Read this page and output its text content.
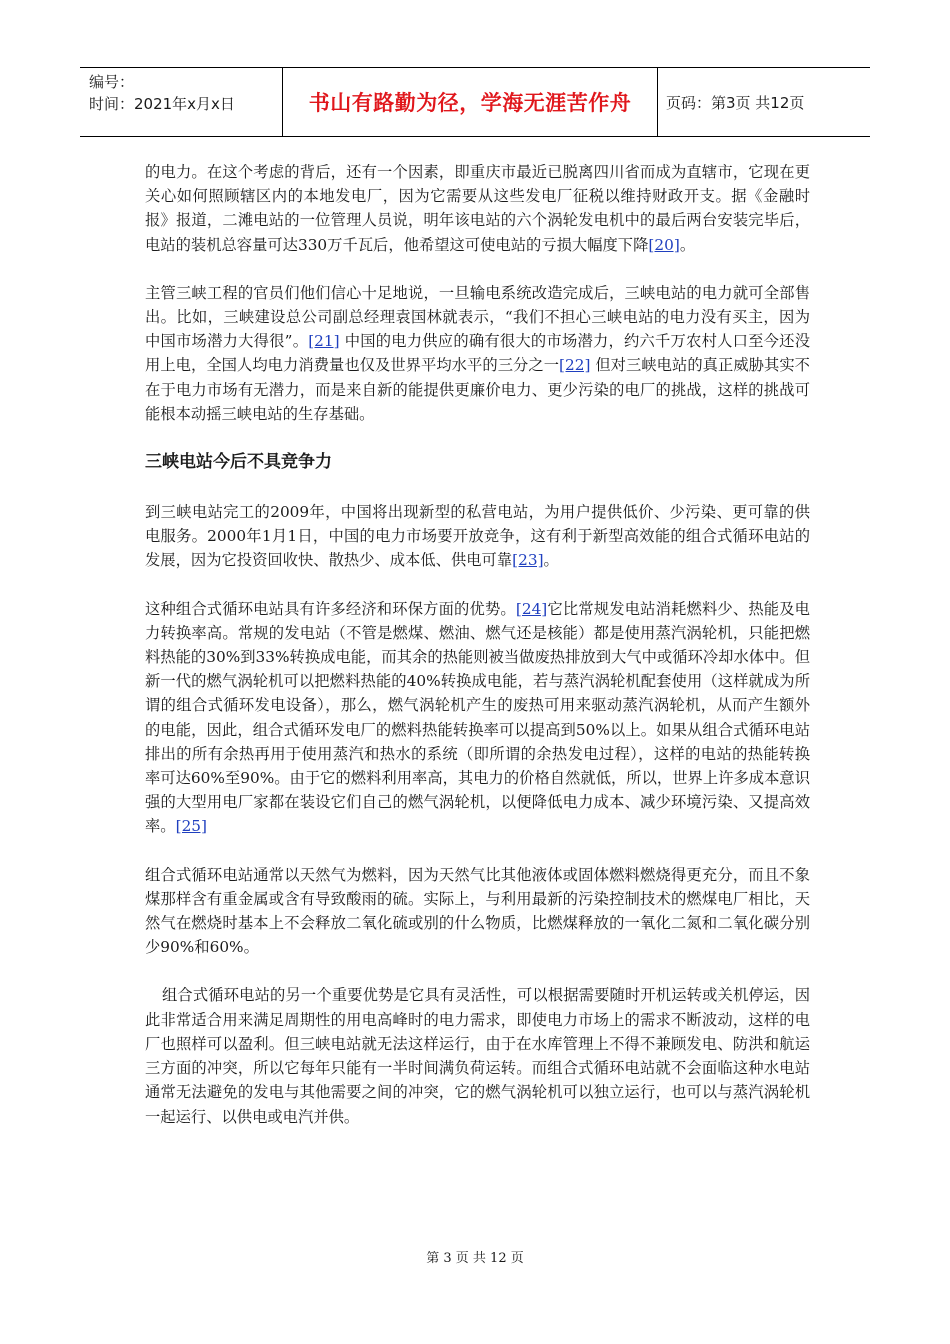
编号：
时间：2021年x月x日	书山有路勤为径，学海无涯苦作舟	页码：第3页 共12页

的电力。在这个考虑的背后，还有一个因素，即重庆市最近已脱离四川省而成为直辖市，它现在更关心如何照顾辖区内的本地发电厂，因为它需要从这些发电厂征税以维持财政开支。据《金融时报》报道，二滩电站的一位管理人员说，明年该电站的六个涡轮发电机中的最后两台安装完毕后，电站的装机总容量可达330万千瓦后，他希望这可使电站的亏损大幅度下降[20]。

主管三峡工程的官员们他们信心十足地说，一旦输电系统改造完成后，三峡电站的电力就可全部售出。比如，三峡建设总公司副总经理袁国林就表示，“我们不担心三峡电站的电力没有买主，因为中国市场潜力大得很”。[21] 中国的电力供应的确有很大的市场潜力，约六千万农村人口至今还没用上电，全国人均电力消费量也仅及世界平均水平的三分之一[22] 但对三峡电站的真正威胁其实不在于电力市场有无潜力，而是来自新的能提供更廉价电力、更少污染的电厂的挑战，这样的挑战可能根本动摇三峡电站的生存基础。

三峡电站今后不具竞争力

到三峡电站完工的2009年，中国将出现新型的私营电站，为用户提供低价、少污染、更可靠的供电服务。2000年1月1日，中国的电力市场要开放竞争，这有利于新型高效能的组合式循环电站的发展，因为它投资回收快、散热少、成本低、供电可靠[23]。

这种组合式循环电站具有许多经济和环保方面的优势。[24]它比常规发电站消耗燃料少、热能及电力转换率高。常规的发电站（不管是燃煤、燃油、燃气还是核能）都是使用蒸汽涡轮机，只能把燃料热能的30%到33%转换成电能，而其余的热能则被当做废热排放到大气中或循环冷却水体中。但新一代的燃气涡轮机可以把燃料热能的40%转换成电能，若与蒸汽涡轮机配套使用（这样就成为所谓的组合式循环发电设备），那么，燃气涡轮机产生的废热可用来驱动蒸汽涡轮机，从而产生额外的电能，因此，组合式循环发电厂的燃料热能转换率可以提高到50%以上。如果从组合式循环电站排出的所有余热再用于使用蒸汽和热水的系统（即所谓的余热发电过程），这样的电站的热能转换率可达60%至90%。由于它的燃料利用率高，其电力的价格自然就低，所以，世界上许多成本意识强的大型用电厂家都在装设它们自己的燃气涡轮机，以便降低电力成本、减少环境污染、又提高效率。[25]

组合式循环电站通常以天然气为燃料，因为天然气比其他液体或固体燃料燃烧得更充分，而且不象煤那样含有重金属或含有导致酸雨的硫。实际上，与利用最新的污染控制技术的燃煤电厂相比，天然气在燃烧时基本上不会释放二氧化硫或别的什么物质，比燃煤释放的一氧化二氮和二氧化碳分别少90%和60%。

组合式循环电站的另一个重要优势是它具有灵活性，可以根据需要随时开机运转或关机停运，因此非常适合用来满足周期性的用电高峰时的电力需求，即使电力市场上的需求不断波动，这样的电厂也照样可以盈利。但三峡电站就无法这样运行，由于在水库管理上不得不兼顾发电、防洪和航运三方面的冲突，所以它每年只能有一半时间满负荷运转。而组合式循环电站就不会面临这种水电站通常无法避免的发电与其他需要之间的冲突，它的燃气涡轮机可以独立运行，也可以与蒸汽涡轮机一起运行、以供电或电汽并供。

第 3 页 共 12 页
